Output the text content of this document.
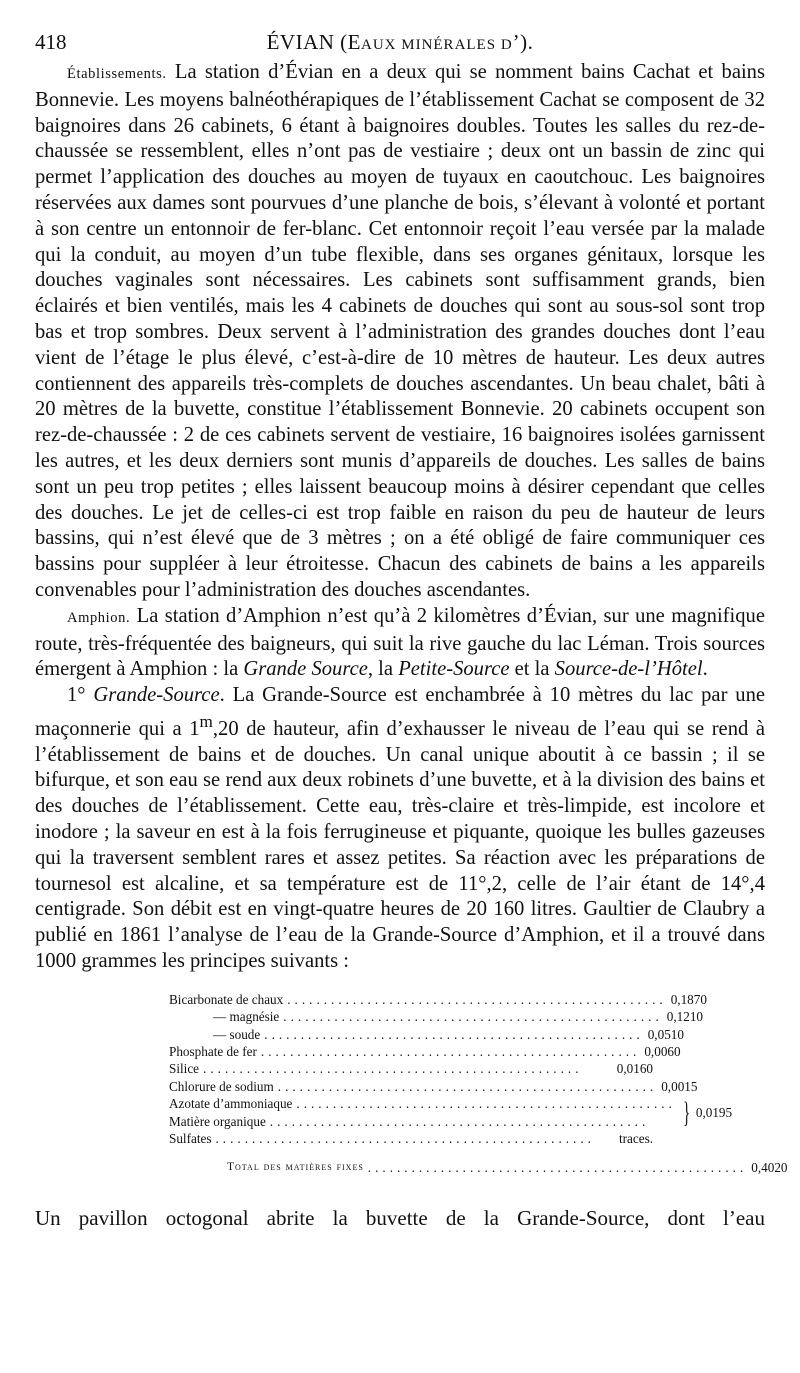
418	ÉVIAN (EAUX MINÉRALES D’).

Établissements. La station d’Évian en a deux qui se nomment bains Cachat et bains Bonnevie. Les moyens balnéothérapiques de l’établissement Cachat se composent de 32 baignoires dans 26 cabinets, 6 étant à baignoires doubles. Toutes les salles du rez-de-chaussée se ressemblent, elles n’ont pas de vestiaire ; deux ont un bassin de zinc qui permet l’application des douches au moyen de tuyaux en caoutchouc. Les baignoires réservées aux dames sont pourvues d’une planche de bois, s’élevant à volonté et portant à son centre un entonnoir de fer-blanc. Cet entonnoir reçoit l’eau versée par la malade qui la conduit, au moyen d’un tube flexible, dans ses organes génitaux, lorsque les douches vaginales sont nécessaires. Les cabinets sont suffisamment grands, bien éclairés et bien ventilés, mais les 4 cabinets de douches qui sont au sous-sol sont trop bas et trop sombres. Deux servent à l’administration des grandes douches dont l’eau vient de l’étage le plus élevé, c’est-à-dire de 10 mètres de hauteur. Les deux autres contiennent des appareils très-complets de douches ascendantes. Un beau chalet, bâti à 20 mètres de la buvette, constitue l’établissement Bonnevie. 20 cabinets occupent son rez-de-chaussée : 2 de ces cabinets servent de vestiaire, 16 baignoires isolées garnissent les autres, et les deux derniers sont munis d’appareils de douches. Les salles de bains sont un peu trop petites ; elles laissent beaucoup moins à désirer cependant que celles des douches. Le jet de celles-ci est trop faible en raison du peu de hauteur de leurs bassins, qui n’est élevé que de 3 mètres ; on a été obligé de faire communiquer ces bassins pour suppléer à leur étroitesse. Chacun des cabinets de bains a les appareils convenables pour l’administration des douches ascendantes.

Amphion. La station d’Amphion n’est qu’à 2 kilomètres d’Évian, sur une magnifique route, très-fréquentée des baigneurs, qui suit la rive gauche du lac Léman. Trois sources émergent à Amphion : la Grande Source, la Petite-Source et la Source-de-l’Hôtel.

1° Grande-Source. La Grande-Source est enchambrée à 10 mètres du lac par une maçonnerie qui a 1$^m$,20 de hauteur, afin d’exhausser le niveau de l’eau qui se rend à l’établissement de bains et de douches. Un canal unique aboutit à ce bassin ; il se bifurque, et son eau se rend aux deux robinets d’une buvette, et à la division des bains et des douches de l’établissement. Cette eau, très-claire et très-limpide, est incolore et inodore ; la saveur en est à la fois ferrugineuse et piquante, quoique les bulles gazeuses qui la traversent semblent rares et assez petites. Sa réaction avec les préparations de tournesol est alcaline, et sa température est de 11°,2, celle de l’air étant de 14°,4 centigrade. Son débit est en vingt-quatre heures de 20 160 litres. Gaultier de Claubry a publié en 1861 l’analyse de l’eau de la Grande-Source d’Amphion, et il a trouvé dans 1000 grammes les principes suivants :

Bicarbonate de chaux .................................................... 0,1870
— magnésie .................................................... 0,1210
— soude .................................................... 0,0510
Phosphate de fer .................................................... 0,0060
Silice ....................................................	0,0160
Chlorure de sodium .................................................... 0,0015
Azotate d’ammoniaque ....................................................
Matière organique ....................................................	} 0,0195
Sulfates ....................................................	traces.
Total des matières fixes .................................................... 0,4020

Un pavillon octogonal abrite la buvette de la Grande-Source, dont l’eau
